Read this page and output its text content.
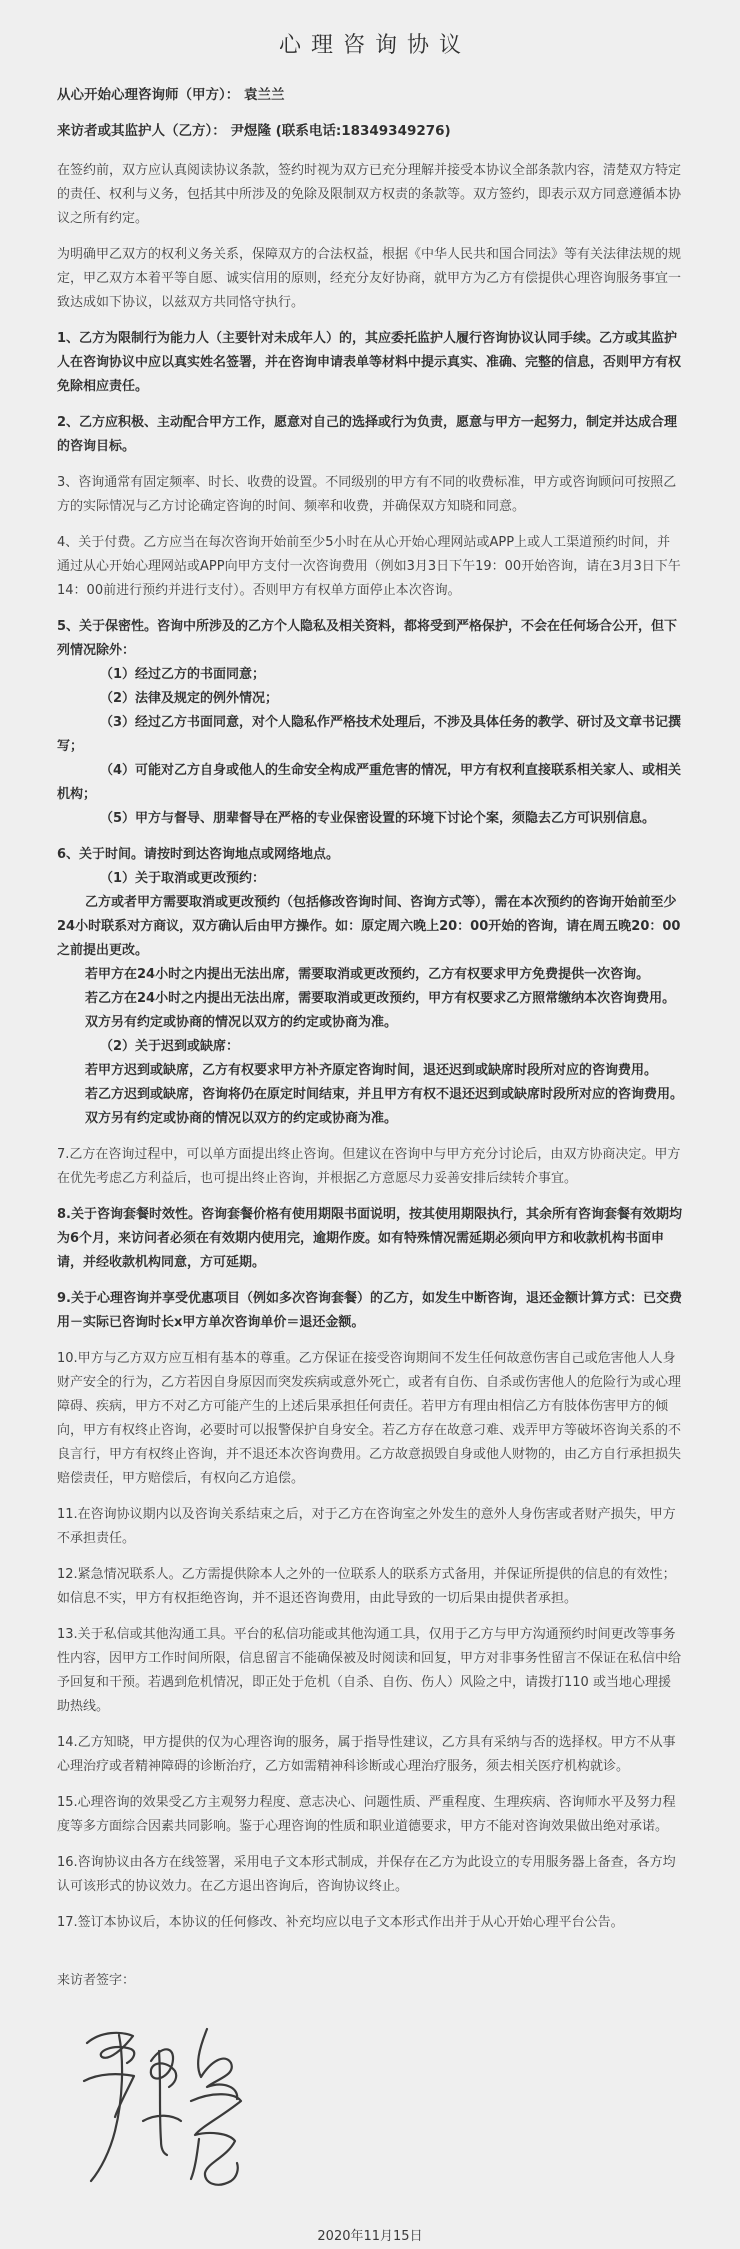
心理咨询协议

从心开始心理咨询师（甲方）： 袁兰兰

来访者或其监护人（乙方）： 尹煜隆 (联系电话:18349349276)

在签约前，双方应认真阅读协议条款，签约时视为双方已充分理解并接受本协议全部条款内容，清楚双方特定的责任、权利与义务，包括其中所涉及的免除及限制双方权责的条款等。双方签约，即表示双方同意遵循本协议之所有约定。

为明确甲乙双方的权利义务关系，保障双方的合法权益，根据《中华人民共和国合同法》等有关法律法规的规定，甲乙双方本着平等自愿、诚实信用的原则，经充分友好协商，就甲方为乙方有偿提供心理咨询服务事宜一致达成如下协议，以兹双方共同恪守执行。

1、乙方为限制行为能力人（主要针对未成年人）的，其应委托监护人履行咨询协议认同手续。乙方或其监护人在咨询协议中应以真实姓名签署，并在咨询申请表单等材料中提示真实、准确、完整的信息，否则甲方有权免除相应责任。

2、乙方应积极、主动配合甲方工作，愿意对自己的选择或行为负责，愿意与甲方一起努力，制定并达成合理的咨询目标。

3、咨询通常有固定频率、时长、收费的设置。不同级别的甲方有不同的收费标准，甲方或咨询顾问可按照乙方的实际情况与乙方讨论确定咨询的时间、频率和收费，并确保双方知晓和同意。

4、关于付费。乙方应当在每次咨询开始前至少5小时在从心开始心理网站或APP上或人工渠道预约时间，并通过从心开始心理网站或APP向甲方支付一次咨询费用（例如3月3日下午19：00开始咨询，请在3月3日下午14：00前进行预约并进行支付）。否则甲方有权单方面停止本次咨询。

5、关于保密性。咨询中所涉及的乙方个人隐私及相关资料，都将受到严格保护，不会在任何场合公开，但下列情况除外：

（1）经过乙方的书面同意；

（2）法律及规定的例外情况；

（3）经过乙方书面同意，对个人隐私作严格技术处理后，不涉及具体任务的教学、研讨及文章书记撰写；

（4）可能对乙方自身或他人的生命安全构成严重危害的情况，甲方有权利直接联系相关家人、或相关机构；

（5）甲方与督导、朋辈督导在严格的专业保密设置的环境下讨论个案，须隐去乙方可识别信息。

6、关于时间。请按时到达咨询地点或网络地点。

（1）关于取消或更改预约：

乙方或者甲方需要取消或更改预约（包括修改咨询时间、咨询方式等），需在本次预约的咨询开始前至少24小时联系对方商议，双方确认后由甲方操作。如：原定周六晚上20：00开始的咨询，请在周五晚20：00之前提出更改。

若甲方在24小时之内提出无法出席，需要取消或更改预约，乙方有权要求甲方免费提供一次咨询。

若乙方在24小时之内提出无法出席，需要取消或更改预约，甲方有权要求乙方照常缴纳本次咨询费用。

双方另有约定或协商的情况以双方的约定或协商为准。

（2）关于迟到或缺席：

若甲方迟到或缺席，乙方有权要求甲方补齐原定咨询时间，退还迟到或缺席时段所对应的咨询费用。

若乙方迟到或缺席，咨询将仍在原定时间结束，并且甲方有权不退还迟到或缺席时段所对应的咨询费用。

双方另有约定或协商的情况以双方的约定或协商为准。

7.乙方在咨询过程中，可以单方面提出终止咨询。但建议在咨询中与甲方充分讨论后，由双方协商决定。甲方在优先考虑乙方利益后，也可提出终止咨询，并根据乙方意愿尽力妥善安排后续转介事宜。

8.关于咨询套餐时效性。咨询套餐价格有使用期限书面说明，按其使用期限执行，其余所有咨询套餐有效期均为6个月，来访问者必须在有效期内使用完，逾期作废。如有特殊情况需延期必须向甲方和收款机构书面申请，并经收款机构同意，方可延期。

9.关于心理咨询并享受优惠项目（例如多次咨询套餐）的乙方，如发生中断咨询，退还金额计算方式：已交费用－实际已咨询时长x甲方单次咨询单价＝退还金额。

10.甲方与乙方双方应互相有基本的尊重。乙方保证在接受咨询期间不发生任何故意伤害自己或危害他人人身财产安全的行为，乙方若因自身原因而突发疾病或意外死亡，或者有自伤、自杀或伤害他人的危险行为或心理障碍、疾病，甲方不对乙方可能产生的上述后果承担任何责任。若甲方有理由相信乙方有肢体伤害甲方的倾向，甲方有权终止咨询，必要时可以报警保护自身安全。若乙方存在故意刁难、戏弄甲方等破坏咨询关系的不良言行，甲方有权终止咨询，并不退还本次咨询费用。乙方故意损毁自身或他人财物的，由乙方自行承担损失赔偿责任，甲方赔偿后，有权向乙方追偿。

11.在咨询协议期内以及咨询关系结束之后，对于乙方在咨询室之外发生的意外人身伤害或者财产损失，甲方不承担责任。

12.紧急情况联系人。乙方需提供除本人之外的一位联系人的联系方式备用，并保证所提供的信息的有效性；如信息不实，甲方有权拒绝咨询，并不退还咨询费用，由此导致的一切后果由提供者承担。

13.关于私信或其他沟通工具。平台的私信功能或其他沟通工具，仅用于乙方与甲方沟通预约时间更改等事务性内容，因甲方工作时间所限，信息留言不能确保被及时阅读和回复，甲方对非事务性留言不保证在私信中给予回复和干预。若遇到危机情况，即正处于危机（自杀、自伤、伤人）风险之中，请拨打110 或当地心理援助热线。

14.乙方知晓，甲方提供的仅为心理咨询的服务，属于指导性建议，乙方具有采纳与否的选择权。甲方不从事心理治疗或者精神障碍的诊断治疗，乙方如需精神科诊断或心理治疗服务，须去相关医疗机构就诊。

15.心理咨询的效果受乙方主观努力程度、意志决心、问题性质、严重程度、生理疾病、咨询师水平及努力程度等多方面综合因素共同影响。鉴于心理咨询的性质和职业道德要求，甲方不能对咨询效果做出绝对承诺。

16.咨询协议由各方在线签署，采用电子文本形式制成，并保存在乙方为此设立的专用服务器上备查，各方均认可该形式的协议效力。在乙方退出咨询后，咨询协议终止。

17.签订本协议后，本协议的任何修改、补充均应以电子文本形式作出并于从心开始心理平台公告。

来访者签字：

2020年11月15日
